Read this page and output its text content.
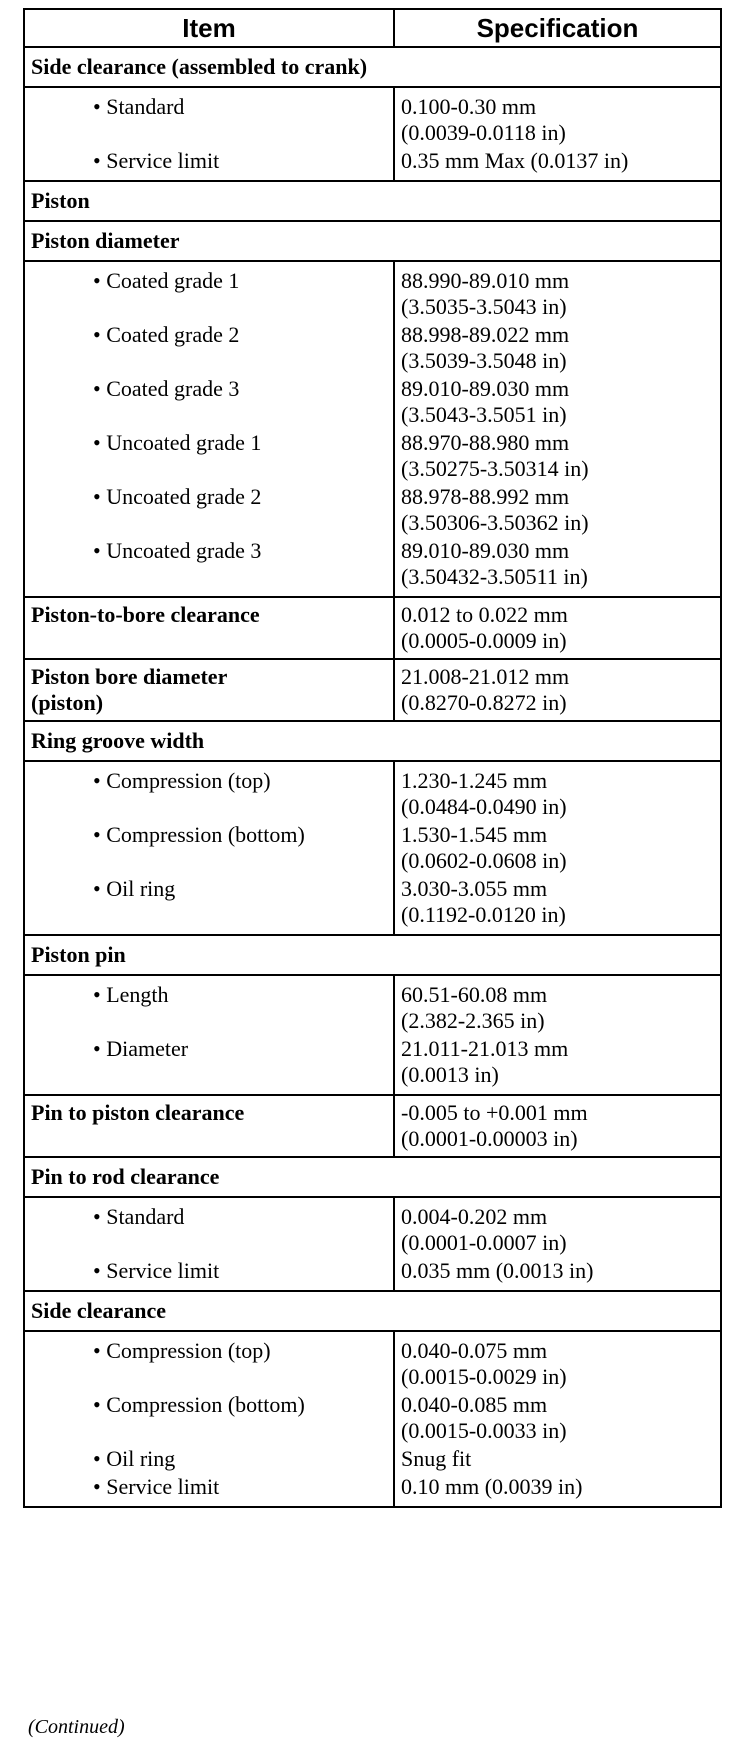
Item	Specification
Side clearance (assembled to crank)	
• Standard	0.100-0.30 mm
(0.0039-0.0118 in)

• Service limit	0.35 mm Max (0.0137 in)

Piston	
Piston diameter	
• Coated grade 1	88.990-89.010 mm
(3.5035-3.5043 in)

• Coated grade 2	88.998-89.022 mm
(3.5039-3.5048 in)

• Coated grade 3	89.010-89.030 mm
(3.5043-3.5051 in)

• Uncoated grade 1	88.970-88.980 mm
(3.50275-3.50314 in)

• Uncoated grade 2	88.978-88.992 mm
(3.50306-3.50362 in)

• Uncoated grade 3	89.010-89.030 mm
(3.50432-3.50511 in)

Piston-to-bore clearance	0.012 to 0.022 mm
(0.0005-0.0009 in)

Piston bore diameter
(piston)	21.008-21.012 mm
(0.8270-0.8272 in)

Ring groove width	
• Compression (top)	1.230-1.245 mm
(0.0484-0.0490 in)

• Compression (bottom)	1.530-1.545 mm
(0.0602-0.0608 in)

• Oil ring	3.030-3.055 mm
(0.1192-0.0120 in)

Piston pin	
• Length	60.51-60.08 mm
(2.382-2.365 in)

• Diameter	21.011-21.013 mm
(0.0013 in)

Pin to piston clearance	-0.005 to +0.001 mm
(0.0001-0.00003 in)

Pin to rod clearance	
• Standard	0.004-0.202 mm
(0.0001-0.0007 in)

• Service limit	0.035 mm (0.0013 in)

Side clearance	
• Compression (top)	0.040-0.075 mm
(0.0015-0.0029 in)

• Compression (bottom)	0.040-0.085 mm
(0.0015-0.0033 in)

• Oil ring	Snug fit

• Service limit	0.10 mm (0.0039 in)
(Continued)
